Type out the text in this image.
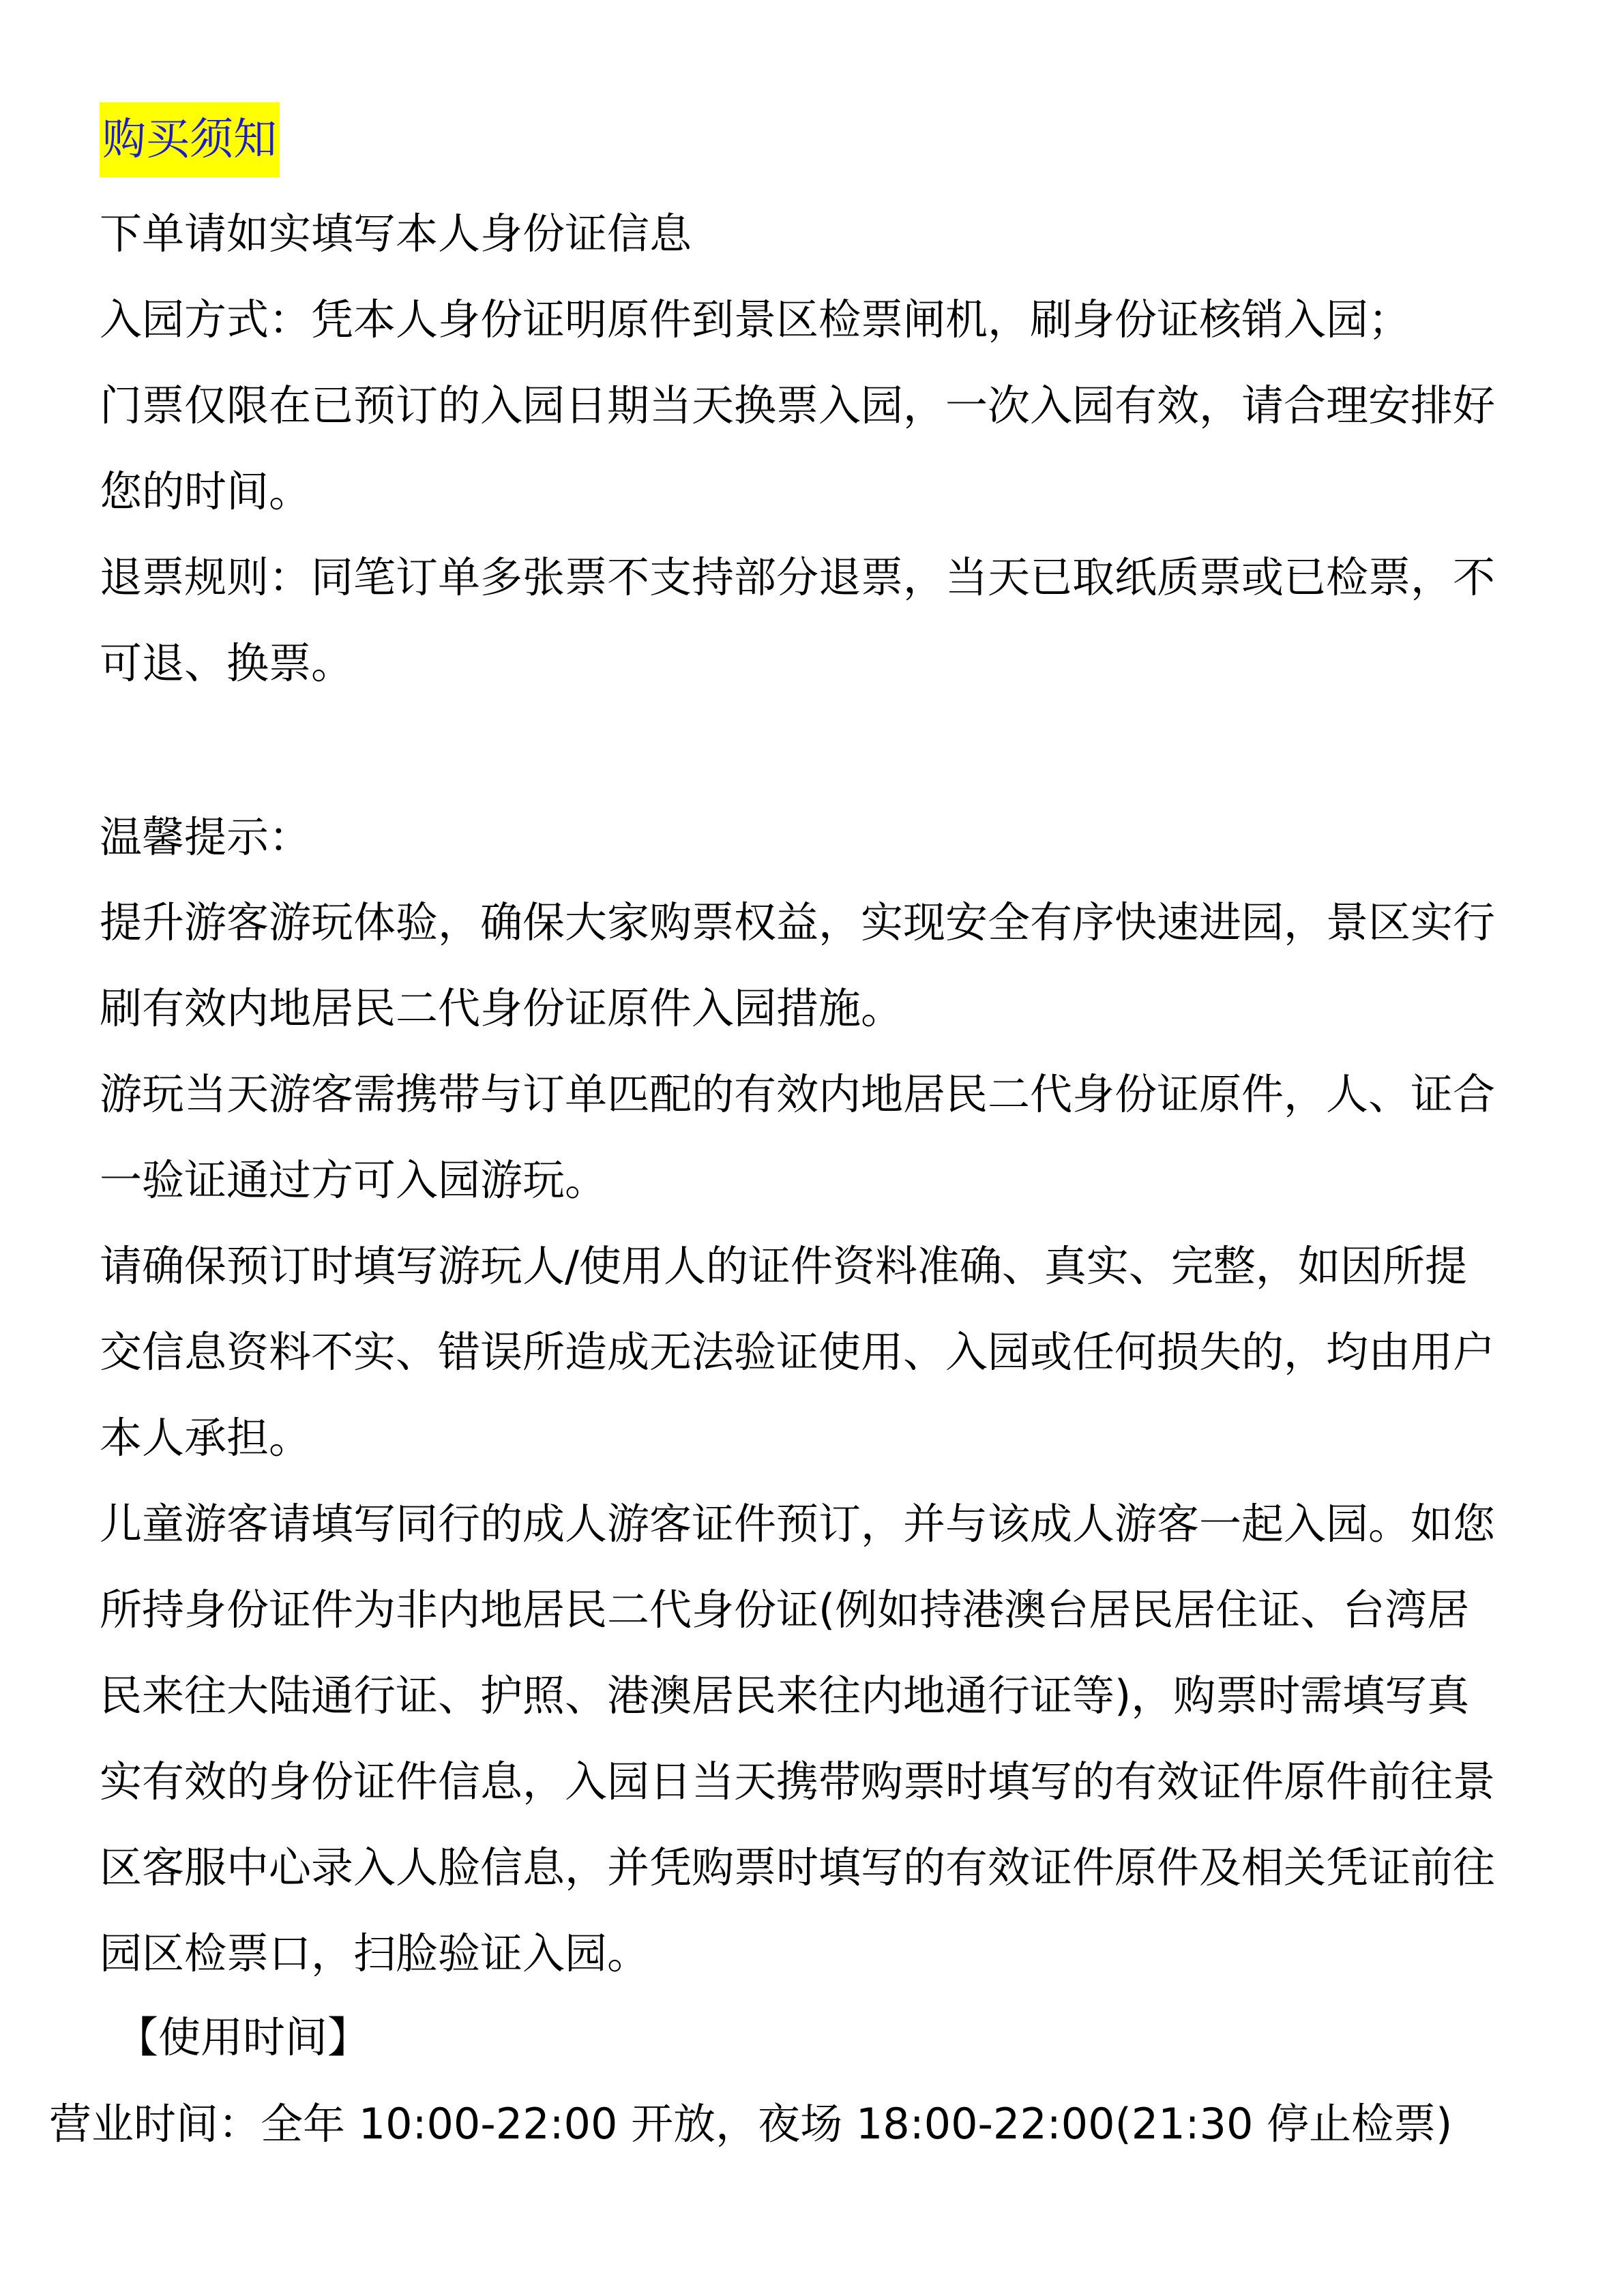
购买须知
下单请如实填写本人身份证信息
入园方式：凭本人身份证明原件到景区检票闸机，刷身份证核销入园；
门票仅限在已预订的入园日期当天换票入园，一次入园有效，请合理安排好
您的时间。
退票规则：同笔订单多张票不支持部分退票，当天已取纸质票或已检票，不
可退、换票。
温馨提示：
提升游客游玩体验，确保大家购票权益，实现安全有序快速进园，景区实行
刷有效内地居民二代身份证原件入园措施。
游玩当天游客需携带与订单匹配的有效内地居民二代身份证原件，人、证合
一验证通过方可入园游玩。
请确保预订时填写游玩人/使用人的证件资料准确、真实、完整，如因所提
交信息资料不实、错误所造成无法验证使用、入园或任何损失的，均由用户
本人承担。
儿童游客请填写同行的成人游客证件预订，并与该成人游客一起入园。如您
所持身份证件为非内地居民二代身份证(例如持港澳台居民居住证、台湾居
民来往大陆通行证、护照、港澳居民来往内地通行证等)，购票时需填写真
实有效的身份证件信息，入园日当天携带购票时填写的有效证件原件前往景
区客服中心录入人脸信息，并凭购票时填写的有效证件原件及相关凭证前往
园区检票口，扫脸验证入园。
【使用时间】
营业时间：全年 10:00-22:00 开放，夜场 18:00-22:00(21:30 停止检票)
